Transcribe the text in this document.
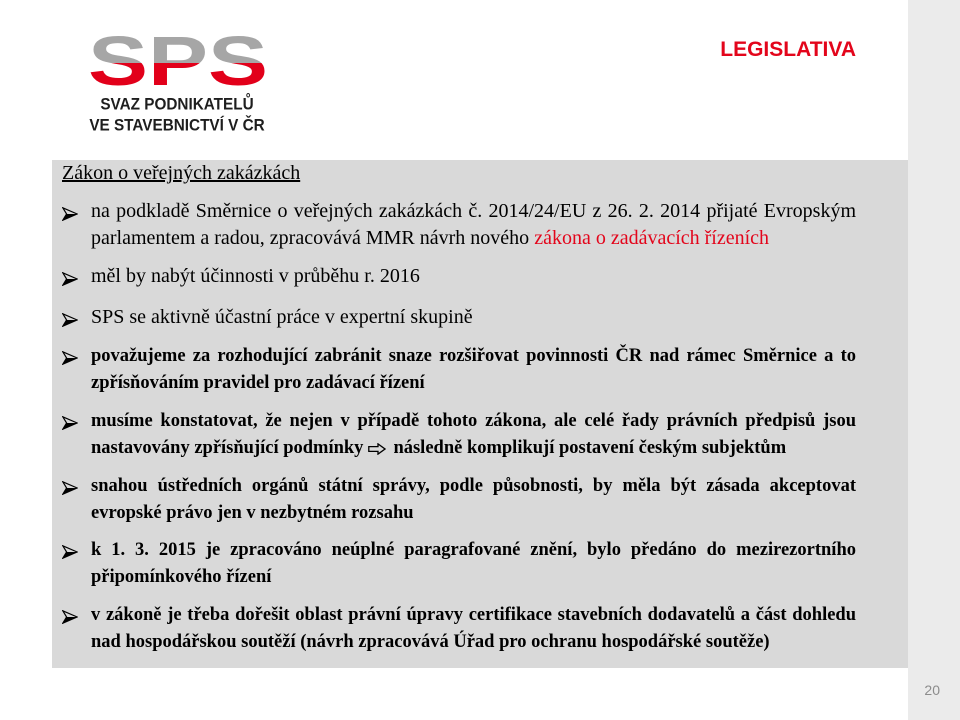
SPS
SVAZ PODNIKATELŮ
VE STAVEBNICTVÍ V ČR
LEGISLATIVA
Zákon o veřejných zakázkách
na podkladě Směrnice o veřejných zakázkách č. 2014/24/EU z 26. 2. 2014 přijaté Evropským
parlamentem a radou, zpracovává MMR návrh nového zákona o zadávacích řízeních
měl by nabýt účinnosti v průběhu r. 2016
SPS se aktivně účastní práce v expertní skupině
považujeme za rozhodující zabránit snaze rozšiřovat povinnosti ČR nad rámec Směrnice a to
zpřísňováním pravidel pro zadávací řízení
musíme konstatovat, že nejen v případě tohoto zákona, ale celé řady právních předpisů jsou
nastavovány zpřísňující podmínky následně komplikují postavení českým subjektům
snahou ústředních orgánů státní správy, podle působnosti, by měla být zásada akceptovat
evropské právo jen v nezbytném rozsahu
k 1. 3. 2015 je zpracováno neúplné paragrafované znění, bylo předáno do mezirezortního
připomínkového řízení
v zákoně je třeba dořešit oblast právní úpravy certifikace stavebních dodavatelů a část dohledu
nad hospodářskou soutěží (návrh zpracovává Úřad pro ochranu hospodářské soutěže)
20
